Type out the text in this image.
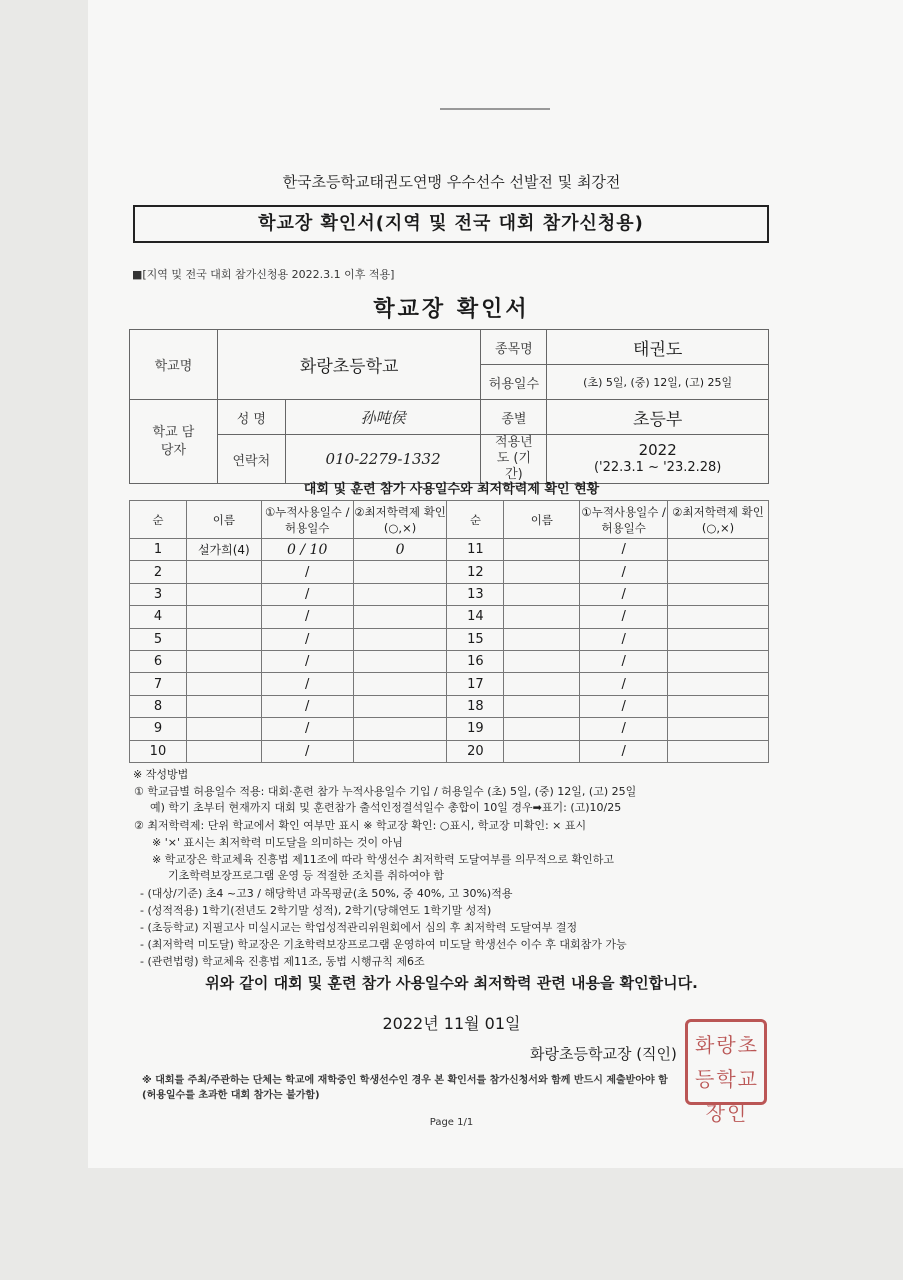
한국초등학교태권도연맹 우수선수 선발전 및 최강전
학교장 확인서(지역 및 전국 대회 참가신청용)
■[지역 및 전국 대회 참가신청용 2022.3.1 이후 적용]
학교장 확인서
학교명	화랑초등학교		종목명	태권도
			허용일수	(초) 5일, (중) 12일, (고) 25일
학교 담당자	성 명	孙吨侯	종별	초등부
	연락처	010-2279-1332	적용년도 (기간)	2022
('22.3.1 ~ '23.2.28)
대회 및 훈련 참가 사용일수와 최저학력제 확인 현황
순	이름	①누적사용일수 /허용일수	②최저학력제 확인(○,×)	순	이름	①누적사용일수 /허용일수	②최저학력제 확인(○,×)
1	설가희(4)	0 / 10	0	11		/	
2		/		12		/	
3		/		13		/	
4		/		14		/	
5		/		15		/	
6		/		16		/	
7		/		17		/	
8		/		18		/	
9		/		19		/	
10		/		20		/	
※ 작성방법
① 학교급별 허용일수 적용: 대회·훈련 참가 누적사용일수 기입 / 허용일수 (초) 5일, (중) 12일, (고) 25일
예) 학기 초부터 현재까지 대회 및 훈련참가 출석인정결석일수 총합이 10일 경우➡표기: (고)10/25
② 최저학력제: 단위 학교에서 확인 여부만 표시 ※ 학교장 확인: ○표시, 학교장 미확인: × 표시
※ '×' 표시는 최저학력 미도달을 의미하는 것이 아님
※ 학교장은 학교체육 진흥법 제11조에 따라 학생선수 최저학력 도달여부를 의무적으로 확인하고
기초학력보장프로그램 운영 등 적절한 조치를 취하여야 함
- (대상/기준) 초4 ~고3 / 해당학년 과목평균(초 50%, 중 40%, 고 30%)적용
- (성적적용) 1학기(전년도 2학기말 성적), 2학기(당해연도 1학기말 성적)
- (초등학교) 지필고사 미실시교는 학업성적관리위원회에서 심의 후 최저학력 도달여부 결정
- (최저학력 미도달) 학교장은 기초학력보장프로그램 운영하여 미도달 학생선수 이수 후 대회참가 가능
- (관련법령) 학교체육 진흥법 제11조, 동법 시행규칙 제6조
위와 같이 대회 및 훈련 참가 사용일수와 최저학력 관련 내용을 확인합니다.
2022년 11월 01일
화랑초등학교장인
화랑초등학교장 (직인)
※ 대회를 주최/주관하는 단체는 학교에 재학중인 학생선수인 경우 본 확인서를 참가신청서와 함께 반드시 제출받아야 함
(허용일수를 초과한 대회 참가는 불가함)
Page 1/1
